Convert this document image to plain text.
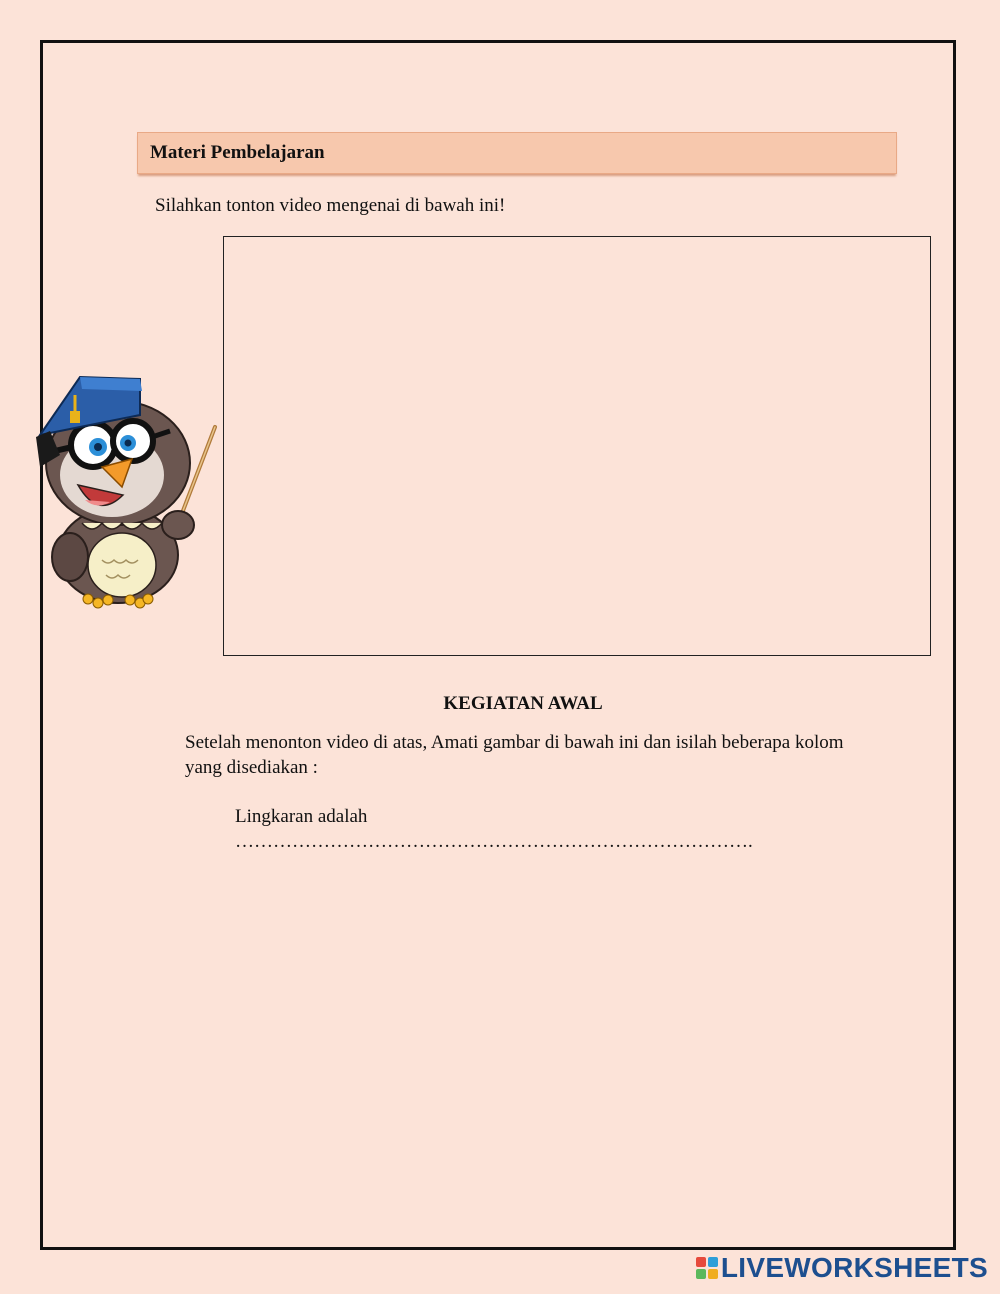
Materi Pembelajaran
Silahkan tonton video mengenai di bawah ini!
KEGIATAN AWAL
Setelah menonton video di atas, Amati gambar di bawah ini dan isilah beberapa kolom yang disediakan :
Lingkaran adalah
……………………………………………………………………….
LIVEWORKSHEETS
